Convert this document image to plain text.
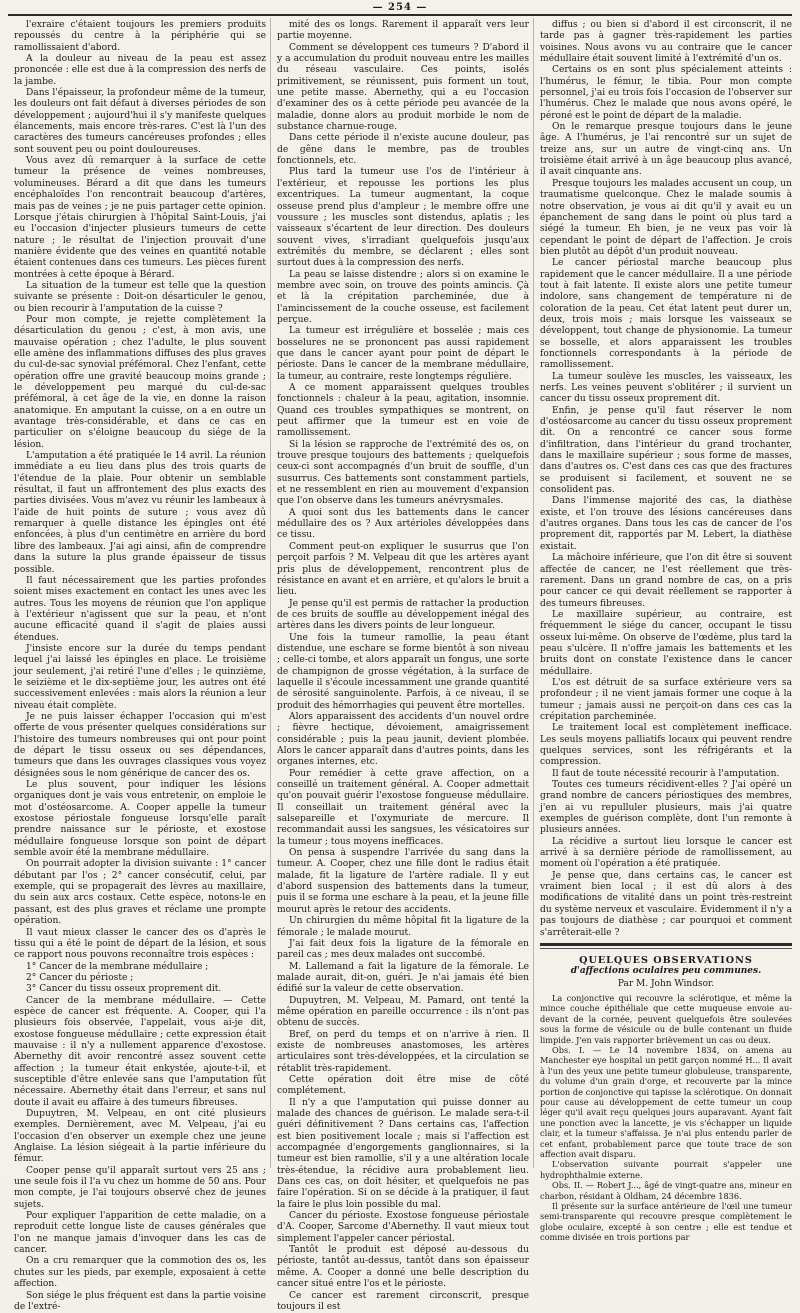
— 254 —

l'exraire c'étaient toujours les premiers produits repoussés du centre à la périphérie qui se ramollissaient d'abord.

A la douleur au niveau de la peau est assez prononcée : elle est due à la compression des nerfs de la jambe.

Dans l'épaisseur, la profondeur même de la tumeur, les douleurs ont fait défaut à diverses périodes de son développement ; aujourd'hui il s'y manifeste quelques élancements, mais encore très-rares. C'est là l'un des caractères des tumeurs cancéreuses profondes ; elles sont souvent peu ou point douloureuses.

Vous avez dû remarquer à la surface de cette tumeur la présence de veines nombreuses, volumineuses. Bérard a dit que dans les tumeurs encéphaloïdes l'on rencontrait beaucoup d'artères, mais pas de veines ; je ne puis partager cette opinion. Lorsque j'étais chirurgien à l'hôpital Saint-Louis, j'ai eu l'occasion d'injecter plusieurs tumeurs de cette nature ; le résultat de l'injection prouvait d'une manière évidente que des veines en quantité notable étaient contenues dans ces tumeurs. Les pièces furent montrées à cette époque à Bérard.

La situation de la tumeur est telle que la question suivante se présente : Doit-on désarticuler le genou, ou bien recourir à l'amputation de la cuisse ?

Pour mon compte, je rejette complètement la désarticulation du genou ; c'est, à mon avis, une mauvaise opération ; chez l'adulte, le plus souvent elle amène des inflammations diffuses des plus graves du cul-de-sac synovial préfémoral. Chez l'enfant, cette opération offre une gravité beaucoup moins grande ; le développement peu marqué du cul-de-sac préfémoral, à cet âge de la vie, en donne la raison anatomique. En amputant la cuisse, on a en outre un avantage très-considérable, et dans ce cas en particulier on s'éloigne beaucoup du siége de la lésion.

L'amputation a été pratiquée le 14 avril. La réunion immédiate a eu lieu dans plus des trois quarts de l'étendue de la plaie. Pour obtenir un semblable résultat, il faut un affrontement des plus exacts des parties divisées. Vous m'avez vu réunir les lambeaux à l'aide de huit points de suture ; vous avez dû remarquer à quelle distance les épingles ont été enfoncées, à plus d'un centimètre en arrière du bord libre des lambeaux. J'ai agi ainsi, afin de comprendre dans la suture la plus grande épaisseur de tissus possible.

Il faut nécessairement que les parties profondes soient mises exactement en contact les unes avec les autres. Tous les moyens de réunion que l'on applique à l'extérieur n'agissent que sur la peau, et n'ont aucune efficacité quand il s'agit de plaies aussi étendues.

J'insiste encore sur la durée du temps pendant lequel j'ai laissé les épingles en place. Le troisième jour seulement, j'ai retiré l'une d'elles ; le quinzième, le seizième et le dix-septième jour, les autres ont été successivement enlevées : mais alors la réunion a leur niveau était complète.

Je ne puis laisser échapper l'occasion qui m'est offerte de vous présenter quelques considérations sur l'histoire des tumeurs nombreuses qui ont pour point de départ le tissu osseux ou ses dépendances, tumeurs que dans les ouvrages classiques vous voyez désignées sous le nom générique de cancer des os.

Le plus souvent, pour indiquer les lésions organiques dont je vais vous entretenir, on emploie le mot d'ostéosarcome. A. Cooper appelle la tumeur exostose périostale fongueuse lorsqu'elle paraît prendre naissance sur le périoste, et exostose médullaire fongueuse lorsque son point de départ semble avoir été la membrane médullaire.

On pourrait adopter la division suivante : 1° cancer débutant par l'os ; 2° cancer consécutif, celui, par exemple, qui se propagerait des lèvres au maxillaire, du sein aux arcs costaux. Cette espèce, notons-le en passant, est des plus graves et réclame une prompte opération.

Il vaut mieux classer le cancer des os d'après le tissu qui a été le point de départ de la lésion, et sous ce rapport nous pouvons reconnaître trois espèces :

1° Cancer de la membrane médullaire ;

2° Cancer du périoste ;

3° Cancer du tissu osseux proprement dit.

Cancer de la membrane médullaire. — Cette espèce de cancer est fréquente. A. Cooper, qui l'a plusieurs fois observée, l'appelait, vous ai-je dit, exostose fongueuse médullaire ; cette expression était mauvaise : il n'y a nullement apparence d'exostose. Abernethy dit avoir rencontré assez souvent cette affection ; la tumeur était enkystée, ajoute-t-il, et susceptible d'être enlevée sans que l'amputation fût nécessaire. Abernethy était dans l'erreur, et sans nul doute il avait eu affaire à des tumeurs fibreuses.

Dupuytren, M. Velpeau, en ont cité plusieurs exemples. Dernièrement, avec M. Velpeau, j'ai eu l'occasion d'en observer un exemple chez une jeune Anglaise. La lésion siégeait à la partie inférieure du fémur.

Cooper pense qu'il apparaît surtout vers 25 ans ; une seule fois il l'a vu chez un homme de 50 ans. Pour mon compte, je l'ai toujours observé chez de jeunes sujets.

Pour expliquer l'apparition de cette maladie, on a reproduit cette longue liste de causes générales que l'on ne manque jamais d'invoquer dans les cas de cancer.

On a cru remarquer que la commotion des os, les chutes sur les pieds, par exemple, exposaient à cette affection.

Son siége le plus fréquent est dans la partie voisine de l'extré-

mité des os longs. Rarement il apparaît vers leur partie moyenne.

Comment se développent ces tumeurs ? D'abord il y a accumulation du produit nouveau entre les mailles du réseau vasculaire. Ces points, isolés primitivement, se réunissent, puis forment un tout, une petite masse. Abernethy, qui a eu l'occasion d'examiner des os à cette période peu avancée de la maladie, donne alors au produit morbide le nom de substance charnue-rouge.

Dans cette période il n'existe aucune douleur, pas de gêne dans le membre, pas de troubles fonctionnels, etc.

Plus tard la tumeur use l'os de l'intérieur à l'extérieur, et repousse les portions les plus excentriques. La tumeur augmentant, la coque osseuse prend plus d'ampleur ; le membre offre une voussure ; les muscles sont distendus, aplatis ; les vaisseaux s'écartent de leur direction. Des douleurs souvent vives, s'irradiant quelquefois jusqu'aux extrémités du membre, se déclarent ; elles sont surtout dues à la compression des nerfs.

La peau se laisse distendre ; alors si on examine le membre avec soin, on trouve des points amincis. Çà et là la crépitation parcheminée, due à l'amincissement de la couche osseuse, est facilement perçue.

La tumeur est irrégulière et bosselée ; mais ces bosselures ne se prononcent pas aussi rapidement que dans le cancer ayant pour point de départ le périoste. Dans le cancer de la membrane médullaire, la tumeur, au contraire, reste longtemps régulière.

A ce moment apparaissent quelques troubles fonctionnels : chaleur à la peau, agitation, insomnie. Quand ces troubles sympathiques se montrent, on peut affirmer que la tumeur est en voie de ramollissement.

Si la lésion se rapproche de l'extrémité des os, on trouve presque toujours des battements ; quelquefois ceux-ci sont accompagnés d'un bruit de souffle, d'un susurrus. Ces battements sont constamment partiels, et ne ressemblent en rien au mouvement d'expansion que l'on observe dans les tumeurs anévrysmales.

A quoi sont dus les battements dans le cancer médullaire des os ? Aux artérioles développées dans ce tissu.

Comment peut-on expliquer le susurrus que l'on perçoit parfois ? M. Velpeau dit que les artères ayant pris plus de développement, rencontrent plus de résistance en avant et en arrière, et qu'alors le bruit a lieu.

Je pense qu'il est permis de rattacher la production de ces bruits de souffle au développement inégal des artères dans les divers points de leur longueur.

Une fois la tumeur ramollie, la peau étant distendue, une eschare se forme bientôt à son niveau ; celle-ci tombe, et alors apparaît un fongus, une sorte de champignon de grosse végétation, à la surface de laquelle il s'écoule incessamment une grande quantité de sérosité sanguinolente. Parfois, à ce niveau, il se produit des hémorrhagies qui peuvent être mortelles.

Alors apparaissent des accidents d'un nouvel ordre ; fièvre hectique, dévoiement, amaigrissement considérable ; puis la peau jaunit, devient plombée. Alors le cancer apparaît dans d'autres points, dans les organes internes, etc.

Pour remédier à cette grave affection, on a conseillé un traitement général. A. Cooper admettait qu'on pouvait guérir l'exostose fongueuse médullaire. Il conseillait un traitement général avec la salsepareille et l'oxymuriate de mercure. Il recommandait aussi les sangsues, les vésicatoires sur la tumeur ; tous moyens inefficaces.

On pensa à suspendre l'arrivée du sang dans la tumeur. A. Cooper, chez une fille dont le radius était malade, fit la ligature de l'artère radiale. Il y eut d'abord suspension des battements dans la tumeur, puis il se forma une eschare à la peau, et la jeune fille mourut après le retour des accidents.

Un chirurgien du même hôpital fit la ligature de la fémorale ; le malade mourut.

J'ai fait deux fois la ligature de la fémorale en pareil cas ; mes deux malades ont succombé.

M. Lallemand a fait la ligature de la fémorale. Le malade aurait, dit-on, guéri. Je n'ai jamais été bien édifié sur la valeur de cette observation.

Dupuytren, M. Velpeau, M. Pamard, ont tenté la même opération en pareille occurrence : ils n'ont pas obtenu de succès.

Bref, on perd du temps et on n'arrive à rien. Il existe de nombreuses anastomoses, les artères articulaires sont très-développées, et la circulation se rétablit très-rapidement.

Cette opération doit être mise de côté complétement.

Il n'y a que l'amputation qui puisse donner au malade des chances de guérison. Le malade sera-t-il guéri définitivement ? Dans certains cas, l'affection est bien positivement locale ; mais si l'affection est accompagnée d'engorgements ganglionnaires, si la tumeur est bien ramollie, s'il y a une altération locale très-étendue, la récidive aura probablement lieu. Dans ces cas, on doit hésiter, et quelquefois ne pas faire l'opération. Si on se décide à la pratiquer, il faut la faire le plus loin possible du mal.

Cancer du périoste. Exostose fongueuse périostale d'A. Cooper, Sarcome d'Abernethy. Il vaut mieux tout simplement l'appeler cancer périostal.

Tantôt le produit est déposé au-dessous du périoste, tantôt au-dessus, tantôt dans son épaisseur même. A. Cooper a donné une belle description du cancer situé entre l'os et le périoste.

Ce cancer est rarement circonscrit, presque toujours il est

diffus ; ou bien si d'abord il est circonscrit, il ne tarde pas à gagner très-rapidement les parties voisines. Nous avons vu au contraire que le cancer médullaire était souvent limité à l'extrémité d'un os.

Certains os en sont plus spécialement atteints : l'humérus, le fémur, le tibia. Pour mon compte personnel, j'ai eu trois fois l'occasion de l'observer sur l'humérus. Chez le malade que nous avons opéré, le péroné est le point de départ de la maladie.

On le remarque presque toujours dans le jeune âge. A l'humérus, je l'ai rencontré sur un sujet de treize ans, sur un autre de vingt-cinq ans. Un troisième était arrivé à un âge beaucoup plus avancé, il avait cinquante ans.

Presque toujours les malades accusent un coup, un traumatisme quelconque. Chez le malade soumis à notre observation, je vous ai dit qu'il y avait eu un épanchement de sang dans le point où plus tard a siégé la tumeur. Eh bien, je ne veux pas voir là cependant le point de départ de l'affection. Je crois bien plutôt au dépôt d'un produit nouveau.

Le cancer périostal marche beaucoup plus rapidement que le cancer médullaire. Il a une période tout à fait latente. Il existe alors une petite tumeur indolore, sans changement de température ni de coloration de la peau. Cet état latent peut durer un, deux, trois mois ; mais lorsque les vaisseaux se développent, tout change de physionomie. La tumeur se bosselle, et alors apparaissent les troubles fonctionnels correspondants à la période de ramollissement.

La tumeur soulève les muscles, les vaisseaux, les nerfs. Les veines peuvent s'oblitérer ; il survient un cancer du tissu osseux proprement dit.

Enfin, je pense qu'il faut réserver le nom d'ostéosarcome au cancer du tissu osseux proprement dit. On a rencontré ce cancer sous forme d'infiltration, dans l'intérieur du grand trochanter, dans le maxillaire supérieur ; sous forme de masses, dans d'autres os. C'est dans ces cas que des fractures se produisent si facilement, et souvent ne se consolident pas.

Dans l'immense majorité des cas, la diathèse existe, et l'on trouve des lésions cancéreuses dans d'autres organes. Dans tous les cas de cancer de l'os proprement dit, rapportés par M. Lebert, la diathèse existait.

La mâchoire inférieure, que l'on dit être si souvent affectée de cancer, ne l'est réellement que très-rarement. Dans un grand nombre de cas, on a pris pour cancer ce qui devait réellement se rapporter à des tumeurs fibreuses.

Le maxillaire supérieur, au contraire, est fréquemment le siége du cancer, occupant le tissu osseux lui-même. On observe de l'œdème, plus tard la peau s'ulcère. Il n'offre jamais les battements et les bruits dont on constate l'existence dans le cancer médullaire.

L'os est détruit de sa surface extérieure vers sa profondeur ; il ne vient jamais former une coque à la tumeur ; jamais aussi ne perçoit-on dans ces cas la crépitation parcheminée.

Le traitement local est complètement inefficace. Les seuls moyens palliatifs locaux qui peuvent rendre quelques services, sont les réfrigérants et la compression.

Il faut de toute nécessité recourir à l'amputation.

Toutes ces tumeurs récidivent-elles ? J'ai opéré un grand nombre de cancers périostiques des membres, j'en ai vu repulluler plusieurs, mais j'ai quatre exemples de guérison complète, dont l'un remonte à plusieurs années.

La récidive a surtout lieu lorsque le cancer est arrivé à sa dernière période de ramollissement, au moment où l'opération a été pratiquée.

Je pense que, dans certains cas, le cancer est vraiment bien local ; il est dû alors à des modifications de vitalité dans un point très-restreint du système nerveux et vasculaire. Évidemment il n'y a pas toujours de diathèse ; car pourquoi et comment s'arrêterait-elle ?

QUELQUES OBSERVATIONS
d'affections oculaires peu communes.
Par M. John Windsor.

La conjonctive qui recouvre la sclérotique, et même la mince couche épithéliale que cette muqueuse envoie au-devant de la cornée, peuvent quelquefois être soulevées sous la forme de vésicule ou de bulle contenant un fluide limpide. J'en vais rapporter brièvement un cas ou deux.

Obs. I. — Le 14 novembre 1834, on amena au Manchester eye hospital un petit garçon nommé H... Il avait à l'un des yeux une petite tumeur globuleuse, transparente, du volume d'un grain d'orge, et recouverte par la mince portion de conjonctive qui tapisse la sclérotique. On donnait pour cause au développement de cette tumeur un coup léger qu'il avait reçu quelques jours auparavant. Ayant fait une ponction avec la lancette, je vis s'échapper un liquide clair, et la tumeur s'affaissa. Je n'ai plus entendu parler de cet enfant, probablement parce que toute trace de son affection avait disparu.

L'observation suivante pourrait s'appeler une hydrophthalmie externe.

Obs. II. — Robert J..., âgé de vingt-quatre ans, mineur en charbon, résidant à Oldham, 24 décembre 1836.

Il présente sur la surface antérieure de l'œil une tumeur semi-transparente qui recouvre presque complètement le globe oculaire, excepté à son centre ; elle est tendue et comme divisée en trois portions par
